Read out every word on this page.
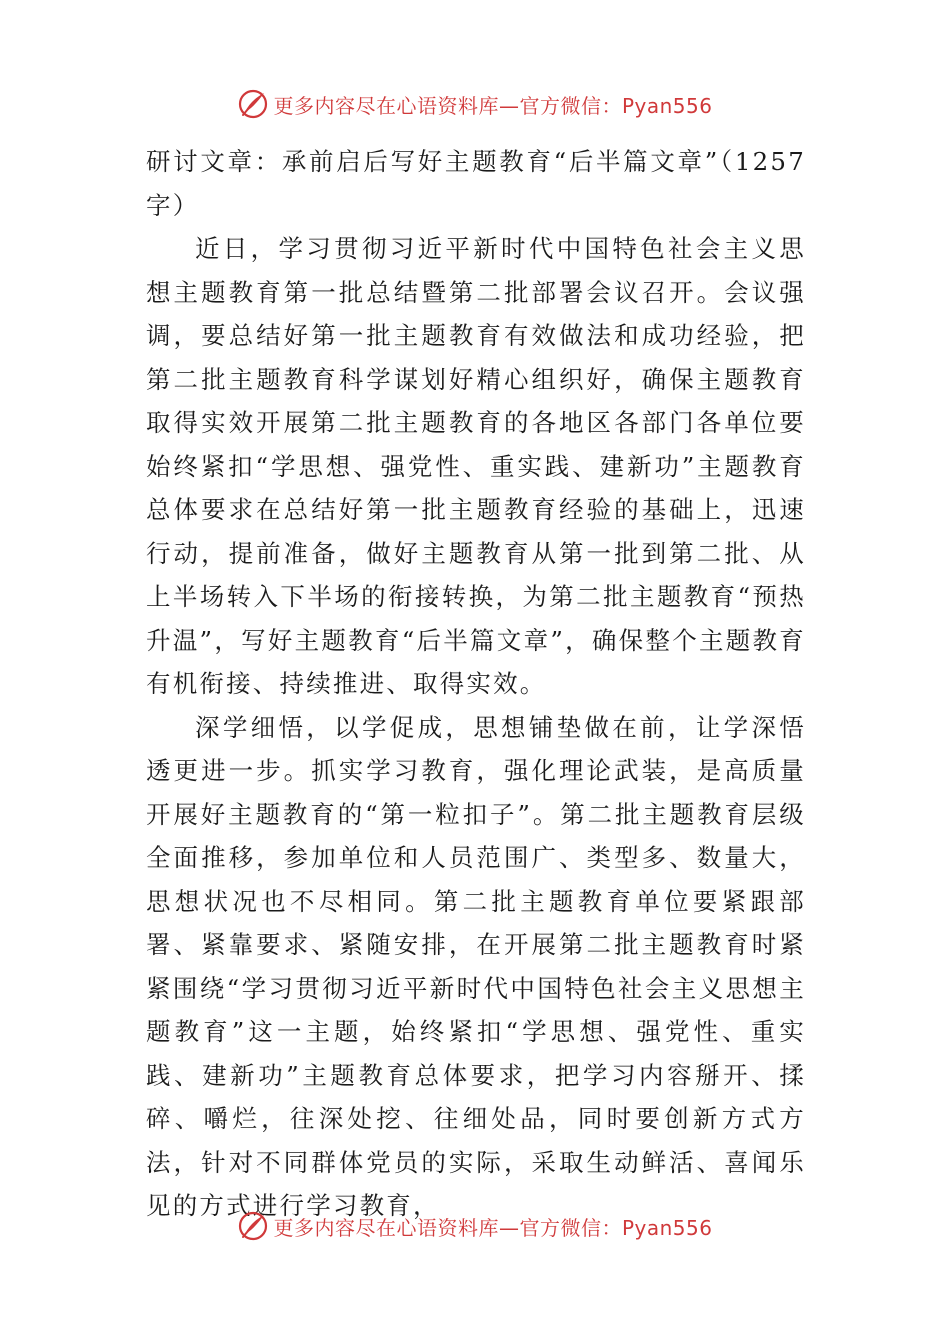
更多内容尽在心语资料库—官方微信：Pyan556

研讨文章：承前启后写好主题教育“后半篇文章”（1257字）

近日，学习贯彻习近平新时代中国特色社会主义思想主题教育第一批总结暨第二批部署会议召开。会议强调，要总结好第一批主题教育有效做法和成功经验，把第二批主题教育科学谋划好精心组织好，确保主题教育取得实效开展第二批主题教育的各地区各部门各单位要始终紧扣“学思想、强党性、重实践、建新功”主题教育总体要求在总结好第一批主题教育经验的基础上，迅速行动，提前准备，做好主题教育从第一批到第二批、从上半场转入下半场的衔接转换，为第二批主题教育“预热升温”，写好主题教育“后半篇文章”，确保整个主题教育有机衔接、持续推进、取得实效。

深学细悟，以学促成，思想铺垫做在前，让学深悟透更进一步。抓实学习教育，强化理论武装，是高质量开展好主题教育的“第一粒扣子”。第二批主题教育层级全面推移，参加单位和人员范围广、类型多、数量大，思想状况也不尽相同。第二批主题教育单位要紧跟部署、紧靠要求、紧随安排，在开展第二批主题教育时紧紧围绕“学习贯彻习近平新时代中国特色社会主义思想主题教育”这一主题，始终紧扣“学思想、强党性、重实践、建新功”主题教育总体要求，把学习内容掰开、揉碎、嚼烂，往深处挖、往细处品，同时要创新方式方法，针对不同群体党员的实际，采取生动鲜活、喜闻乐见的方式进行学习教育，

更多内容尽在心语资料库—官方微信：Pyan556
